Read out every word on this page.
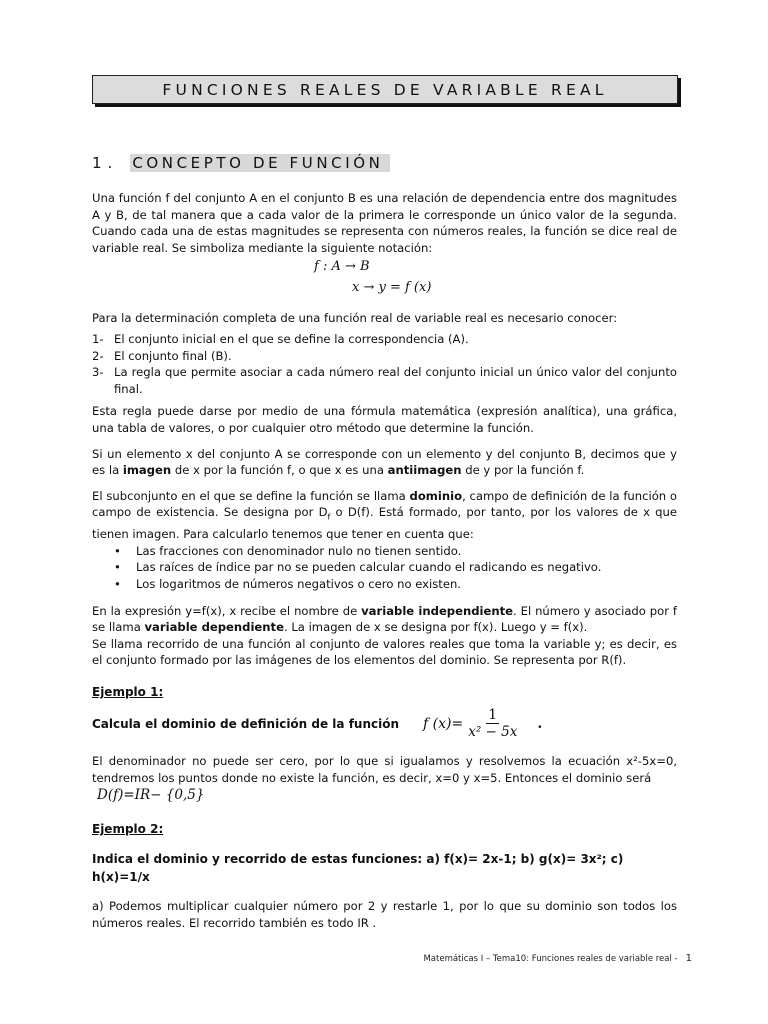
FUNCIONES REALES DE VARIABLE REAL
1. CONCEPTO DE FUNCIÓN

Una función f del conjunto A en el conjunto B es una relación de dependencia entre dos magnitudes A y B, de tal manera que a cada valor de la primera le corresponde un único valor de la segunda. Cuando cada una de estas magnitudes se representa con números reales, la función se dice real de variable real. Se simboliza mediante la siguiente notación:

f : A → B
x → y = f (x)

Para la determinación completa de una función real de variable real es necesario conocer:

1- El conjunto inicial en el que se define la correspondencia (A).
2- El conjunto final (B).
3- La regla que permite asociar a cada número real del conjunto inicial un único valor del conjunto final.

Esta regla puede darse por medio de una fórmula matemática (expresión analítica), una gráfica, una tabla de valores, o por cualquier otro método que determine la función.

Si un elemento x del conjunto A se corresponde con un elemento y del conjunto B, decimos que y es la imagen de x por la función f, o que x es una antiimagen de y por la función f.

El subconjunto en el que se define la función se llama dominio, campo de definición de la función o campo de existencia. Se designa por $D_f$ o D(f). Está formado, por tanto, por los valores de x que tienen imagen. Para calcularlo tenemos que tener en cuenta que:

•	Las fracciones con denominador nulo no tienen sentido.
•	Las raíces de índice par no se pueden calcular cuando el radicando es negativo.
•	Los logaritmos de números negativos o cero no existen.

En la expresión y=f(x), x recibe el nombre de variable independiente. El número y asociado por f se llama variable dependiente. La imagen de x se designa por f(x). Luego y = f(x).

Se llama recorrido de una función al conjunto de valores reales que toma la variable y; es decir, es el conjunto formado por las imágenes de los elementos del dominio. Se representa por R(f).

Ejemplo 1:
Calcula el dominio de definición de la función f $(x)= \frac{1}{\text{x² − 5x}}$ .

El denominador no puede ser cero, por lo que si igualamos y resolvemos la ecuación x²-5x=0, tendremos los puntos donde no existe la función, es decir, x=0 y x=5. Entonces el dominio será

D(f)=IR− {0,5}
Ejemplo 2:
Indica el dominio y recorrido de estas funciones: a) f(x)= 2x-1; b) g(x)= 3x²; c) h(x)=1/x

a) Podemos multiplicar cualquier número por 2 y restarle 1, por lo que su dominio son todos los números reales. El recorrido también es todo IR .

Matemáticas I – Tema10: Funciones reales de variable real - 1
